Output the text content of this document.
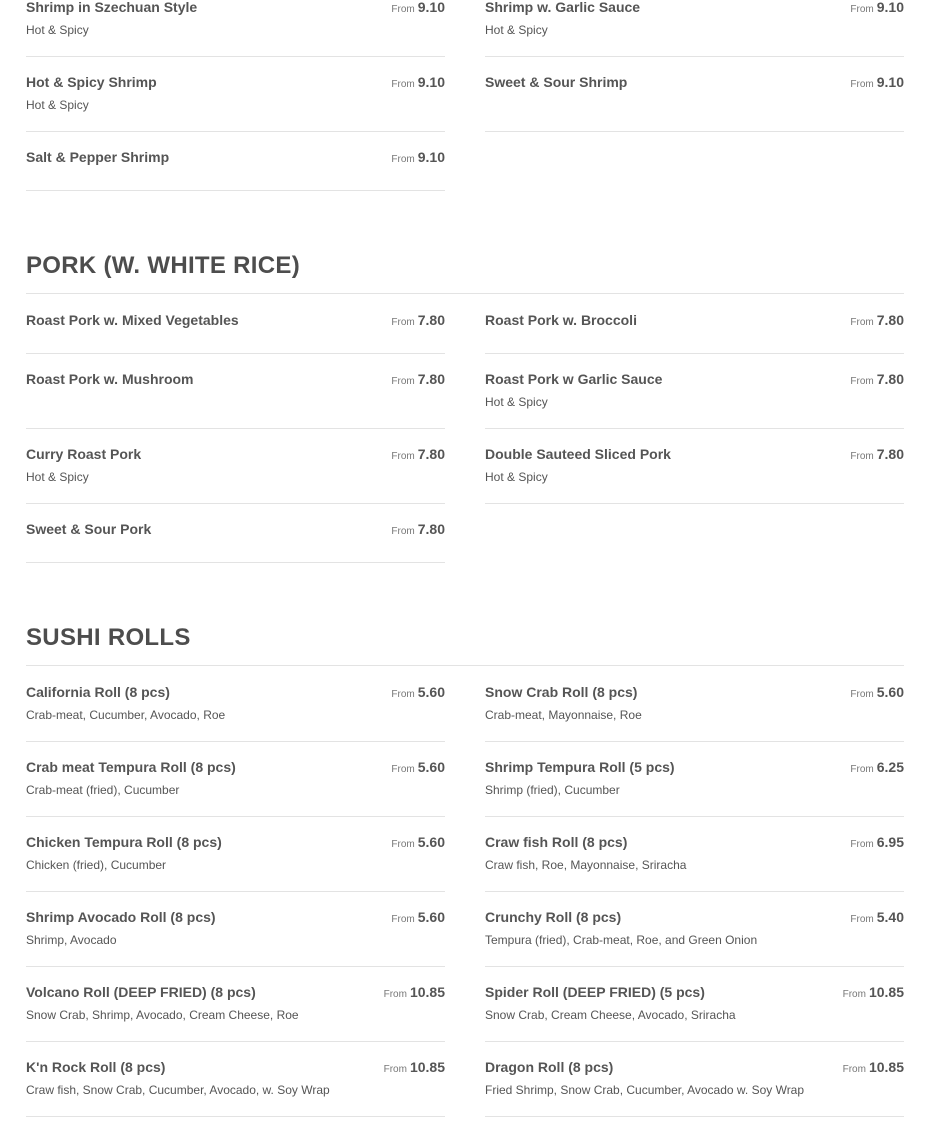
Shrimp in Szechuan Style
Hot & Spicy
From 9.10	Shrimp w. Garlic Sauce
Hot & Spicy
From 9.10
Hot & Spicy Shrimp
Hot & Spicy
From 9.10	Sweet & Sour Shrimp	From 9.10
Salt & Pepper Shrimp	From 9.10
PORK (W. WHITE RICE)
Roast Pork w. Mixed Vegetables	From 7.80	Roast Pork w. Broccoli	From 7.80
Roast Pork w. Mushroom	From 7.80	Roast Pork w Garlic Sauce
Hot & Spicy
From 7.80
Curry Roast Pork
Hot & Spicy
From 7.80	Double Sauteed Sliced Pork
Hot & Spicy
From 7.80
Sweet & Sour Pork	From 7.80
SUSHI ROLLS
California Roll (8 pcs)
Crab-meat, Cucumber, Avocado, Roe
From 5.60	Snow Crab Roll (8 pcs)
Crab-meat, Mayonnaise, Roe
From 5.60
Crab meat Tempura Roll (8 pcs)
Crab-meat (fried), Cucumber
From 5.60	Shrimp Tempura Roll (5 pcs)
Shrimp (fried), Cucumber
From 6.25
Chicken Tempura Roll (8 pcs)
Chicken (fried), Cucumber
From 5.60	Craw fish Roll (8 pcs)
Craw fish, Roe, Mayonnaise, Sriracha
From 6.95
Shrimp Avocado Roll (8 pcs)
Shrimp, Avocado
From 5.60	Crunchy Roll (8 pcs)
Tempura (fried), Crab-meat, Roe, and Green Onion
From 5.40
Volcano Roll (DEEP FRIED) (8 pcs)
Snow Crab, Shrimp, Avocado, Cream Cheese, Roe
From 10.85	Spider Roll (DEEP FRIED) (5 pcs)
Snow Crab, Cream Cheese, Avocado, Sriracha
From 10.85
K'n Rock Roll (8 pcs)
Craw fish, Snow Crab, Cucumber, Avocado, w. Soy Wrap
From 10.85	Dragon Roll (8 pcs)
Fried Shrimp, Snow Crab, Cucumber, Avocado w. Soy Wrap
From 10.85
